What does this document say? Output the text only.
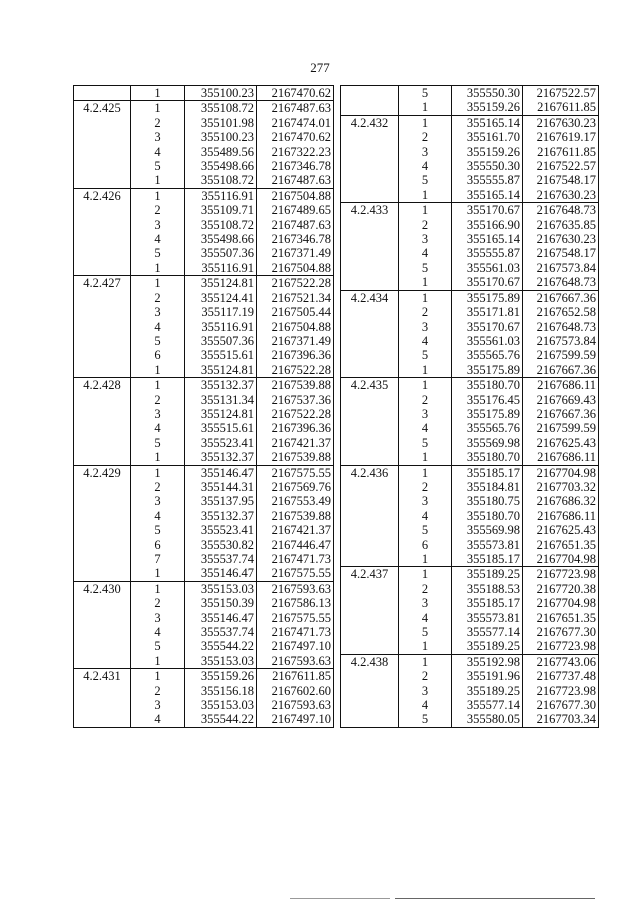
277
	1	355100.23	2167470.62
4.2.425	1	355108.72	2167487.63
	2	355101.98	2167474.01
	3	355100.23	2167470.62
	4	355489.56	2167322.23
	5	355498.66	2167346.78
	1	355108.72	2167487.63
4.2.426	1	355116.91	2167504.88
	2	355109.71	2167489.65
	3	355108.72	2167487.63
	4	355498.66	2167346.78
	5	355507.36	2167371.49
	1	355116.91	2167504.88
4.2.427	1	355124.81	2167522.28
	2	355124.41	2167521.34
	3	355117.19	2167505.44
	4	355116.91	2167504.88
	5	355507.36	2167371.49
	6	355515.61	2167396.36
	1	355124.81	2167522.28
4.2.428	1	355132.37	2167539.88
	2	355131.34	2167537.36
	3	355124.81	2167522.28
	4	355515.61	2167396.36
	5	355523.41	2167421.37
	1	355132.37	2167539.88
4.2.429	1	355146.47	2167575.55
	2	355144.31	2167569.76
	3	355137.95	2167553.49
	4	355132.37	2167539.88
	5	355523.41	2167421.37
	6	355530.82	2167446.47
	7	355537.74	2167471.73
	1	355146.47	2167575.55
4.2.430	1	355153.03	2167593.63
	2	355150.39	2167586.13
	3	355146.47	2167575.55
	4	355537.74	2167471.73
	5	355544.22	2167497.10
	1	355153.03	2167593.63
4.2.431	1	355159.26	2167611.85
	2	355156.18	2167602.60
	3	355153.03	2167593.63
	4	355544.22	2167497.10
	5	355550.30	2167522.57
	1	355159.26	2167611.85
4.2.432	1	355165.14	2167630.23
	2	355161.70	2167619.17
	3	355159.26	2167611.85
	4	355550.30	2167522.57
	5	355555.87	2167548.17
	1	355165.14	2167630.23
4.2.433	1	355170.67	2167648.73
	2	355166.90	2167635.85
	3	355165.14	2167630.23
	4	355555.87	2167548.17
	5	355561.03	2167573.84
	1	355170.67	2167648.73
4.2.434	1	355175.89	2167667.36
	2	355171.81	2167652.58
	3	355170.67	2167648.73
	4	355561.03	2167573.84
	5	355565.76	2167599.59
	1	355175.89	2167667.36
4.2.435	1	355180.70	2167686.11
	2	355176.45	2167669.43
	3	355175.89	2167667.36
	4	355565.76	2167599.59
	5	355569.98	2167625.43
	1	355180.70	2167686.11
4.2.436	1	355185.17	2167704.98
	2	355184.81	2167703.32
	3	355180.75	2167686.32
	4	355180.70	2167686.11
	5	355569.98	2167625.43
	6	355573.81	2167651.35
	1	355185.17	2167704.98
4.2.437	1	355189.25	2167723.98
	2	355188.53	2167720.38
	3	355185.17	2167704.98
	4	355573.81	2167651.35
	5	355577.14	2167677.30
	1	355189.25	2167723.98
4.2.438	1	355192.98	2167743.06
	2	355191.96	2167737.48
	3	355189.25	2167723.98
	4	355577.14	2167677.30
	5	355580.05	2167703.34
